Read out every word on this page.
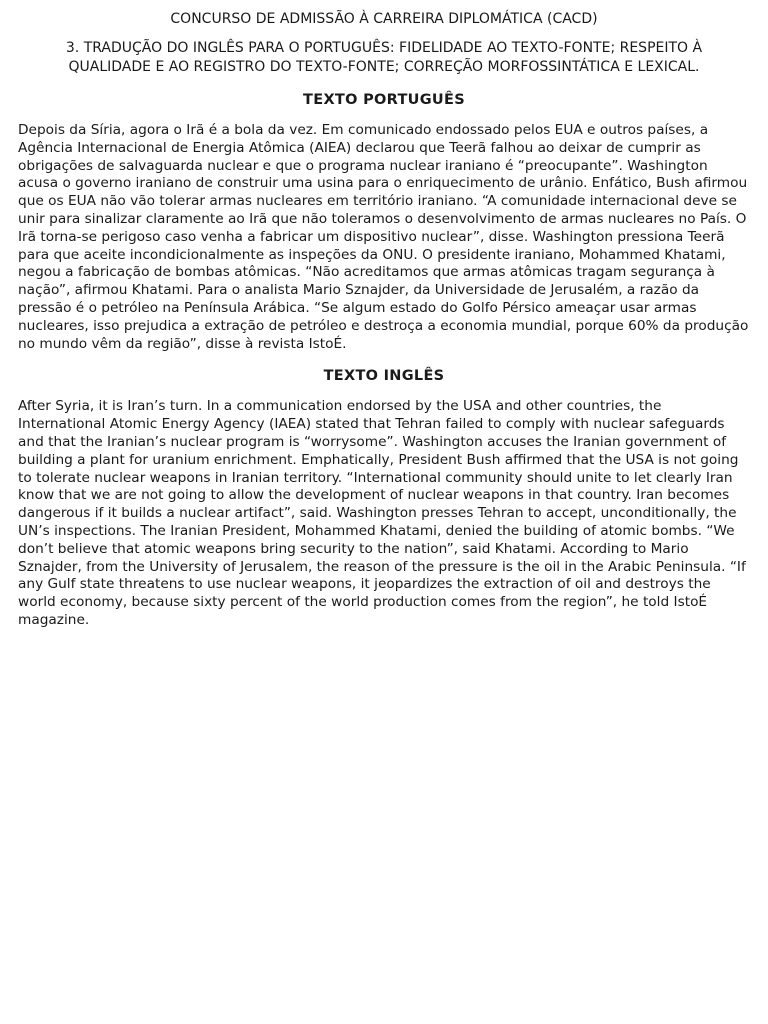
CONCURSO DE ADMISSÃO À CARREIRA DIPLOMÁTICA (CACD)
3. TRADUÇÃO DO INGLÊS PARA O PORTUGUÊS: FIDELIDADE AO TEXTO-FONTE; RESPEITO À QUALIDADE E AO REGISTRO DO TEXTO-FONTE; CORREÇÃO MORFOSSINTÁTICA E LEXICAL.
TEXTO PORTUGUÊS

Depois da Síria, agora o Irã é a bola da vez. Em comunicado endossado pelos EUA e outros países, a Agência Internacional de Energia Atômica (AIEA) declarou que Teerã falhou ao deixar de cumprir as obrigações de salvaguarda nuclear e que o programa nuclear iraniano é “preocupante”. Washington acusa o governo iraniano de construir uma usina para o enriquecimento de urânio. Enfático, Bush afirmou que os EUA não vão tolerar armas nucleares em território iraniano. “A comunidade internacional deve se unir para sinalizar claramente ao Irã que não toleramos o desenvolvimento de armas nucleares no País. O Irã torna-se perigoso caso venha a fabricar um dispositivo nuclear”, disse. Washington pressiona Teerã para que aceite incondicionalmente as inspeções da ONU. O presidente iraniano, Mohammed Khatami, negou a fabricação de bombas atômicas. “Não acreditamos que armas atômicas tragam segurança à nação”, afirmou Khatami. Para o analista Mario Sznajder, da Universidade de Jerusalém, a razão da pressão é o petróleo na Península Arábica. “Se algum estado do Golfo Pérsico ameaçar usar armas nucleares, isso prejudica a extração de petróleo e destroça a economia mundial, porque 60% da produção no mundo vêm da região”, disse à revista IstoÉ.

TEXTO INGLÊS

After Syria, it is Iran’s turn. In a communication endorsed by the USA and other countries, the International Atomic Energy Agency (IAEA) stated that Tehran failed to comply with nuclear safeguards and that the Iranian’s nuclear program is “worrysome”. Washington accuses the Iranian government of building a plant for uranium enrichment. Emphatically, President Bush affirmed that the USA is not going to tolerate nuclear weapons in Iranian territory. “International community should unite to let clearly Iran know that we are not going to allow the development of nuclear weapons in that country. Iran becomes dangerous if it builds a nuclear artifact”, said. Washington presses Tehran to accept, unconditionally, the UN’s inspections. The Iranian President, Mohammed Khatami, denied the building of atomic bombs. “We don’t believe that atomic weapons bring security to the nation”, said Khatami. According to Mario Sznajder, from the University of Jerusalem, the reason of the pressure is the oil in the Arabic Peninsula. “If any Gulf state threatens to use nuclear weapons, it jeopardizes the extraction of oil and destroys the world economy, because sixty percent of the world production comes from the region”, he told IstoÉ magazine.
